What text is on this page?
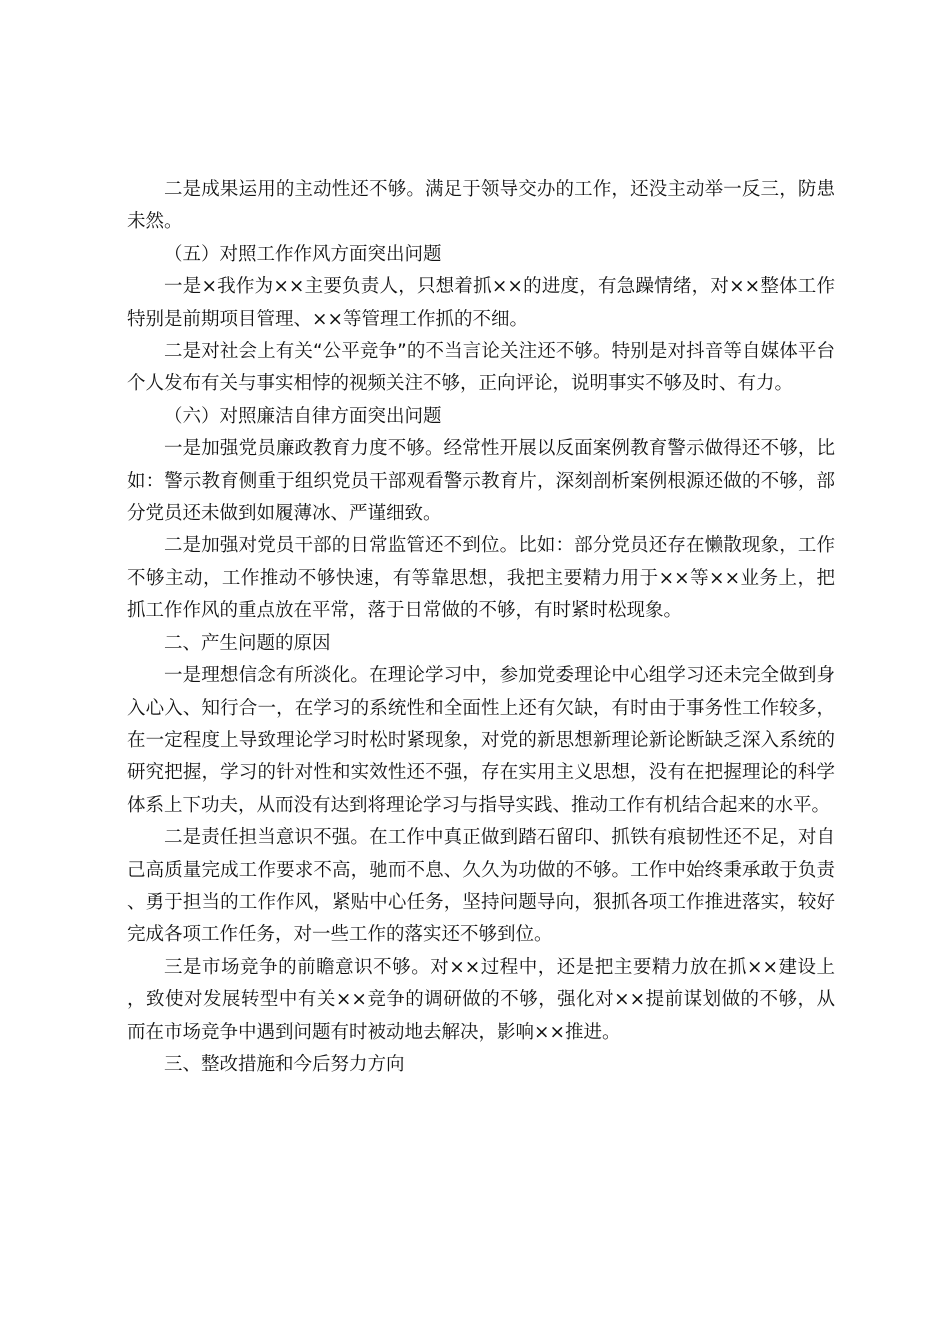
二是成果运用的主动性还不够。满足于领导交办的工作，还没主动举一反三，防患未然。

（五）对照工作作风方面突出问题

一是×我作为××主要负责人，只想着抓××的进度，有急躁情绪，对××整体工作特别是前期项目管理、××等管理工作抓的不细。

二是对社会上有关“公平竞争”的不当言论关注还不够。特别是对抖音等自媒体平台个人发布有关与事实相悖的视频关注不够，正向评论，说明事实不够及时、有力。

（六）对照廉洁自律方面突出问题

一是加强党员廉政教育力度不够。经常性开展以反面案例教育警示做得还不够，比如：警示教育侧重于组织党员干部观看警示教育片，深刻剖析案例根源还做的不够，部分党员还未做到如履薄冰、严谨细致。

二是加强对党员干部的日常监管还不到位。比如：部分党员还存在懒散现象，工作不够主动，工作推动不够快速，有等靠思想，我把主要精力用于××等××业务上，把抓工作作风的重点放在平常，落于日常做的不够，有时紧时松现象。

二、产生问题的原因

一是理想信念有所淡化。在理论学习中，参加党委理论中心组学习还未完全做到身入心入、知行合一，在学习的系统性和全面性上还有欠缺，有时由于事务性工作较多，在一定程度上导致理论学习时松时紧现象，对党的新思想新理论新论断缺乏深入系统的研究把握，学习的针对性和实效性还不强，存在实用主义思想，没有在把握理论的科学体系上下功夫，从而没有达到将理论学习与指导实践、推动工作有机结合起来的水平。

二是责任担当意识不强。在工作中真正做到踏石留印、抓铁有痕韧性还不足，对自己高质量完成工作要求不高，驰而不息、久久为功做的不够。工作中始终秉承敢于负责、勇于担当的工作作风，紧贴中心任务，坚持问题导向，狠抓各项工作推进落实，较好完成各项工作任务，对一些工作的落实还不够到位。

三是市场竞争的前瞻意识不够。对××过程中，还是把主要精力放在抓××建设上，致使对发展转型中有关××竞争的调研做的不够，强化对××提前谋划做的不够，从而在市场竞争中遇到问题有时被动地去解决，影响××推进。

三、整改措施和今后努力方向
